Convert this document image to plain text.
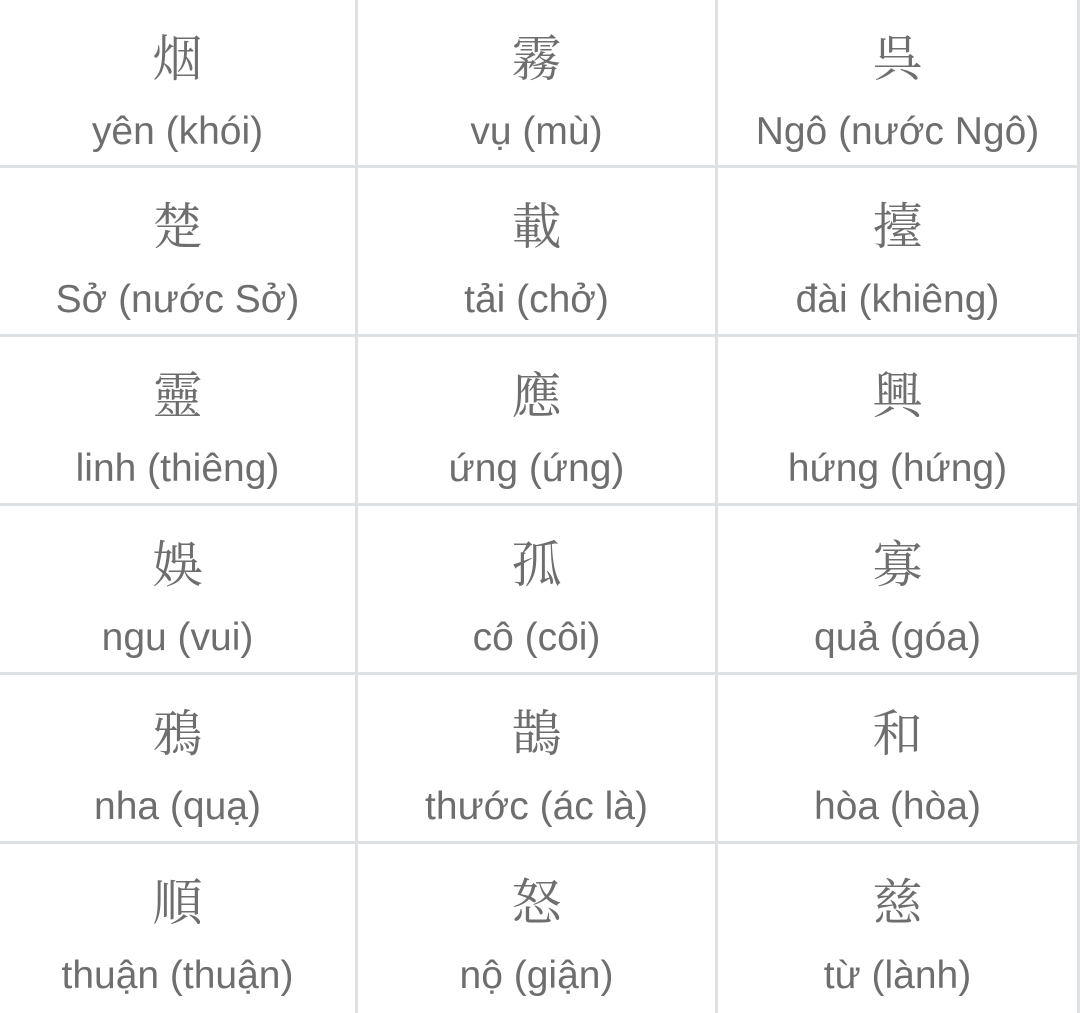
烟
yên (khói)
霧
vụ (mù)
呉
Ngô (nước Ngô)
楚
Sở (nước Sở)
載
tải (chở)
擡
đài (khiêng)
靈
linh (thiêng)
應
ứng (ứng)
興
hứng (hứng)
娛
ngu (vui)
孤
cô (côi)
寡
quả (góa)
鴉
nha (quạ)
鵲
thước (ác là)
和
hòa (hòa)
順
thuận (thuận)
怒
nộ (giận)
慈
từ (lành)
